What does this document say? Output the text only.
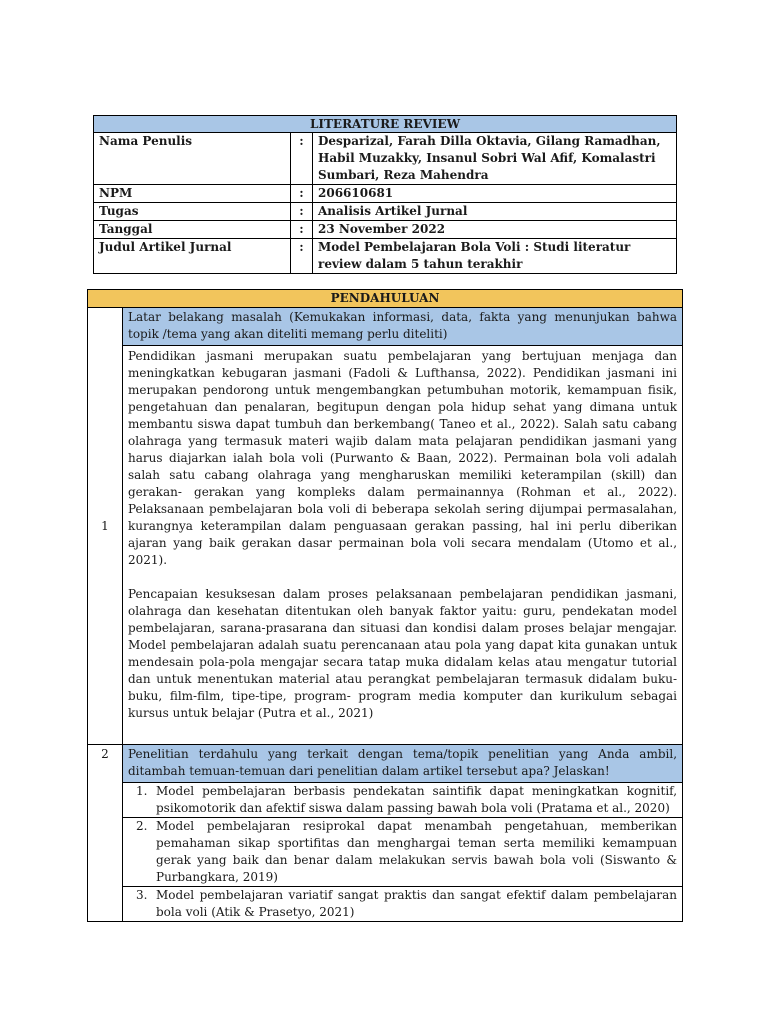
LITERATURE REVIEW		
Nama Penulis	:	Desparizal, Farah Dilla Oktavia, Gilang Ramadhan, Habil Muzakky, Insanul Sobri Wal Afif, Komalastri Sumbari, Reza Mahendra
NPM	:	206610681
Tugas	:	Analisis Artikel Jurnal
Tanggal	:	23 November 2022
Judul Artikel Jurnal	:	Model Pembelajaran Bola Voli : Studi literatur review dalam 5 tahun terakhir
PENDAHULUAN	
1	Latar belakang masalah (Kemukakan informasi, data, fakta yang menunjukan bahwa topik /tema yang akan diteliti memang perlu diteliti)

	Pendidikan jasmani merupakan suatu pembelajaran yang bertujuan menjaga dan meningkatkan kebugaran jasmani (Fadoli & Lufthansa, 2022). Pendidikan jasmani ini merupakan pendorong untuk mengembangkan petumbuhan motorik, kemampuan fisik, pengetahuan dan penalaran, begitupun dengan pola hidup sehat yang dimana untuk membantu siswa dapat tumbuh dan berkembang( Taneo et al., 2022). Salah satu cabang olahraga yang termasuk materi wajib dalam mata pelajaran pendidikan jasmani yang harus diajarkan ialah bola voli (Purwanto & Baan, 2022). Permainan bola voli adalah salah satu cabang olahraga yang mengharuskan memiliki keterampilan (skill) dan gerakan- gerakan yang kompleks dalam permainannya (Rohman et al., 2022). Pelaksanaan pembelajaran bola voli di beberapa sekolah sering dijumpai permasalahan, kurangnya keterampilan dalam penguasaan gerakan passing, hal ini perlu diberikan ajaran yang baik gerakan dasar permainan bola voli secara mendalam (Utomo et al., 2021).

Pencapaian kesuksesan dalam proses pelaksanaan pembelajaran pendidikan jasmani, olahraga dan kesehatan ditentukan oleh banyak faktor yaitu: guru, pendekatan model pembelajaran, sarana-prasarana dan situasi dan kondisi dalam proses belajar mengajar. Model pembelajaran adalah suatu perencanaan atau pola yang dapat kita gunakan untuk mendesain pola-pola mengajar secara tatap muka didalam kelas atau mengatur tutorial dan untuk menentukan material atau perangkat pembelajaran termasuk didalam buku-buku, film-film, tipe-tipe, program- program media komputer dan kurikulum sebagai kursus untuk belajar (Putra et al., 2021)

2	Penelitian terdahulu yang terkait dengan tema/topik penelitian yang Anda ambil, ditambah temuan-temuan dari penelitian dalam artikel tersebut apa? Jelaskan!
	1. Model pembelajaran berbasis pendekatan saintifik dapat meningkatkan kognitif, psikomotorik dan afektif siswa dalam passing bawah bola voli (Pratama et al., 2020)
	2. Model pembelajaran resiprokal dapat menambah pengetahuan, memberikan pemahaman sikap sportifitas dan menghargai teman serta memiliki kemampuan gerak yang baik dan benar dalam melakukan servis bawah bola voli (Siswanto & Purbangkara, 2019)
	3. Model pembelajaran variatif sangat praktis dan sangat efektif dalam pembelajaran bola voli (Atik & Prasetyo, 2021)
